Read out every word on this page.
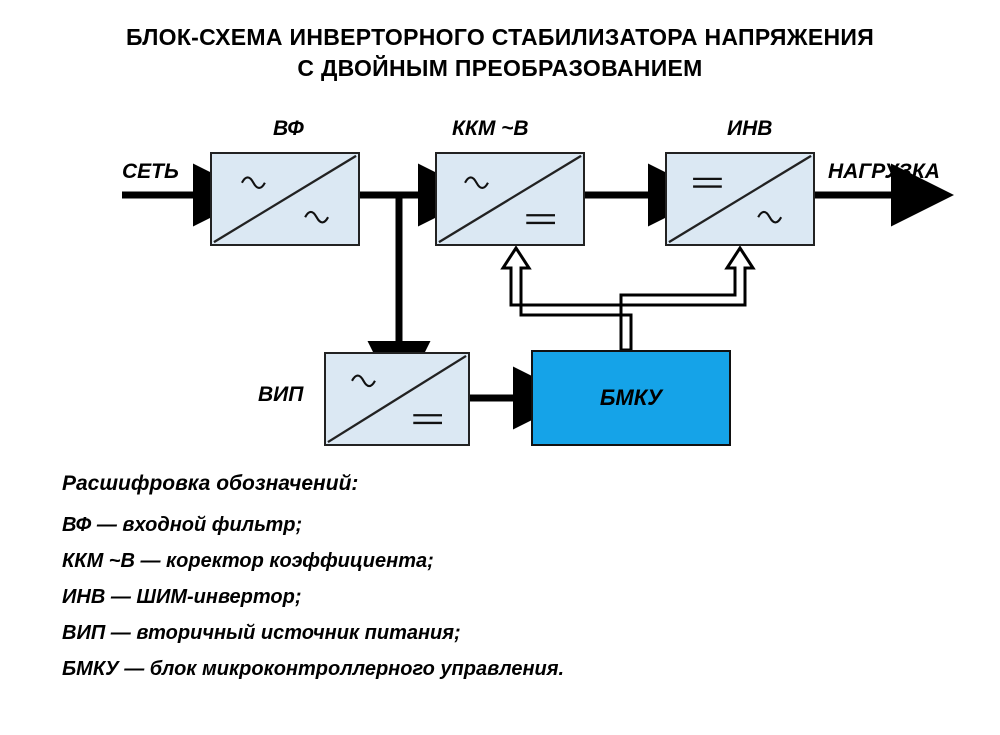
БЛОК-СХЕМА ИНВЕРТОРНОГО СТАБИЛИЗАТОРА НАПРЯЖЕНИЯ
С ДВОЙНЫМ ПРЕОБРАЗОВАНИЕМ
ВФ	ККМ ~В	ИНВ
ВИП	БМКУ
СЕТЬ	НАГРУЗКА
Расшифровка обозначений:
ВФ — входной фильтр;
ККМ ~В — коректор коэффициента;
ИНВ — ШИМ-инвертор;
ВИП — вторичный источник питания;
БМКУ — блок микроконтроллерного управления.
